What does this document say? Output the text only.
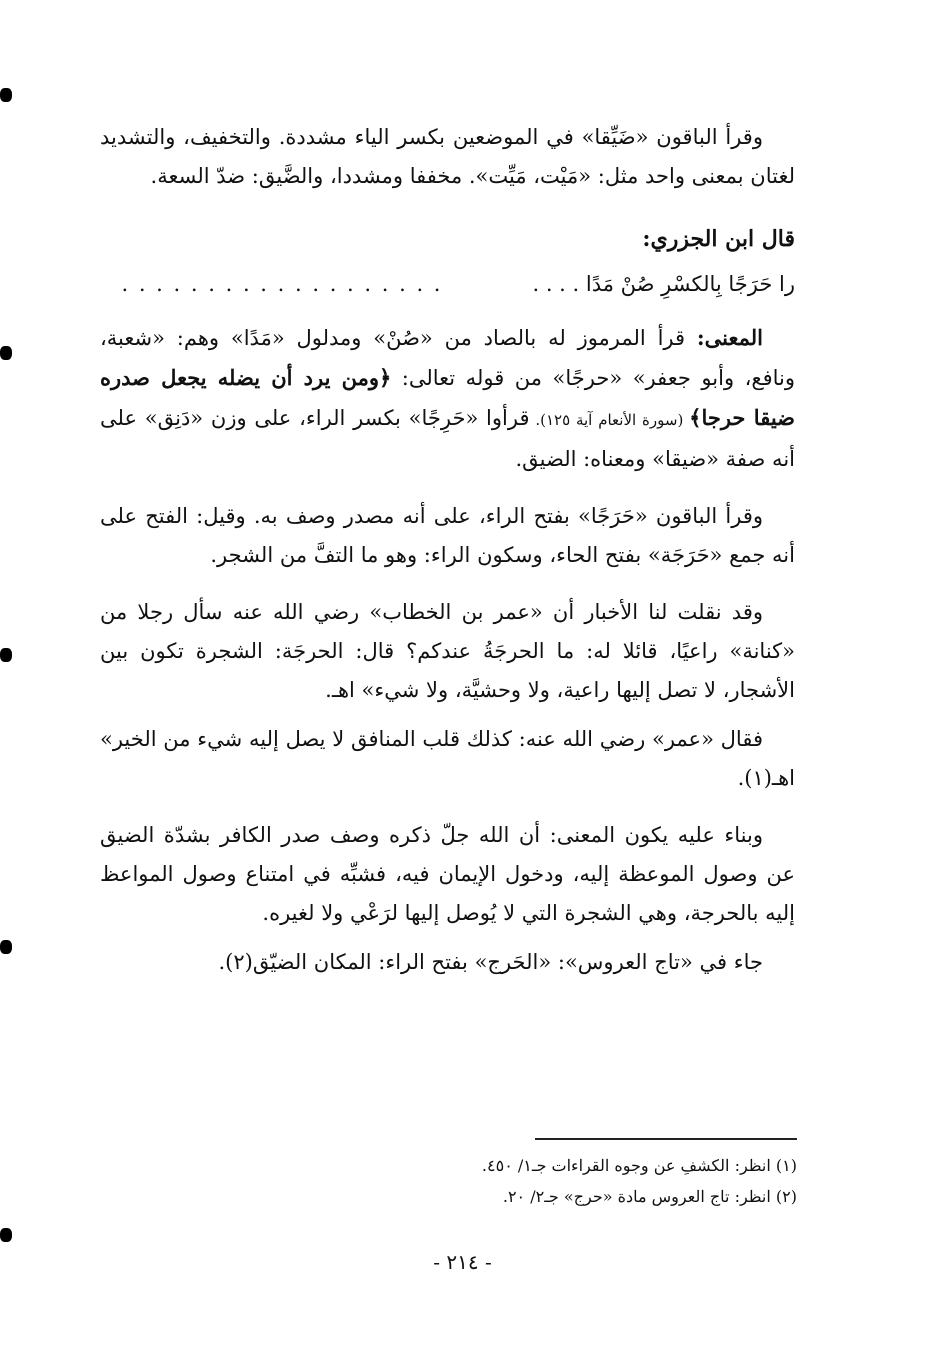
وقرأ الباقون «ضَيِّقا» في الموضعين بكسر الياء مشددة. والتخفيف، والتشديد لغتان بمعنى واحد مثل: «مَيْت، مَيِّت». مخففا ومشددا، والضَّيق: ضدّ السعة.

قال ابن الجزري:
را حَرَجًا بِالكسْرِ صُنْ مَدًا . . . .
. . . . . . . . . . . . . . . . . . .

المعنى: قرأ المرموز له بالصاد من «صُنْ» ومدلول «مَدًا» وهم: «شعبة، ونافع، وأبو جعفر» «حرجًا» من قوله تعالى: ﴿ومن يرد أن يضله يجعل صدره ضيقا حرجا﴾ (سورة الأنعام آية ١٢٥). قرأوا «حَرِجًا» بكسر الراء، على وزن «دَنِق» على أنه صفة «ضيقا» ومعناه: الضيق.

وقرأ الباقون «حَرَجًا» بفتح الراء، على أنه مصدر وصف به. وقيل: الفتح على أنه جمع «حَرَجَة» بفتح الحاء، وسكون الراء: وهو ما التفَّ من الشجر.

وقد نقلت لنا الأخبار أن «عمر بن الخطاب» رضي الله عنه سأل رجلا من «كنانة» راعيًا، قائلا له: ما الحرجَةُ عندكم؟ قال: الحرجَة: الشجرة تكون بين الأشجار، لا تصل إليها راعية، ولا وحشيَّة، ولا شيء» اهـ.

فقال «عمر» رضي الله عنه: كذلك قلب المنافق لا يصل إليه شيء من الخير» اهـ(١).

وبناء عليه يكون المعنى: أن الله جلّ ذكره وصف صدر الكافر بشدّة الضيق عن وصول الموعظة إليه، ودخول الإيمان فيه، فشبِّه في امتناع وصول المواعظ إليه بالحرجة، وهي الشجرة التي لا يُوصل إليها لرَعْي ولا لغيره.

جاء في «تاج العروس»: «الحَرج» بفتح الراء: المكان الضيّق(٢).

(١) انظر: الكشفِ عن وجوه القراءات جـ١/ ٤٥٠.
(٢) انظر: تاج العروس مادة «حرج» جـ٢/ ٢٠.
- ٢١٤ -
